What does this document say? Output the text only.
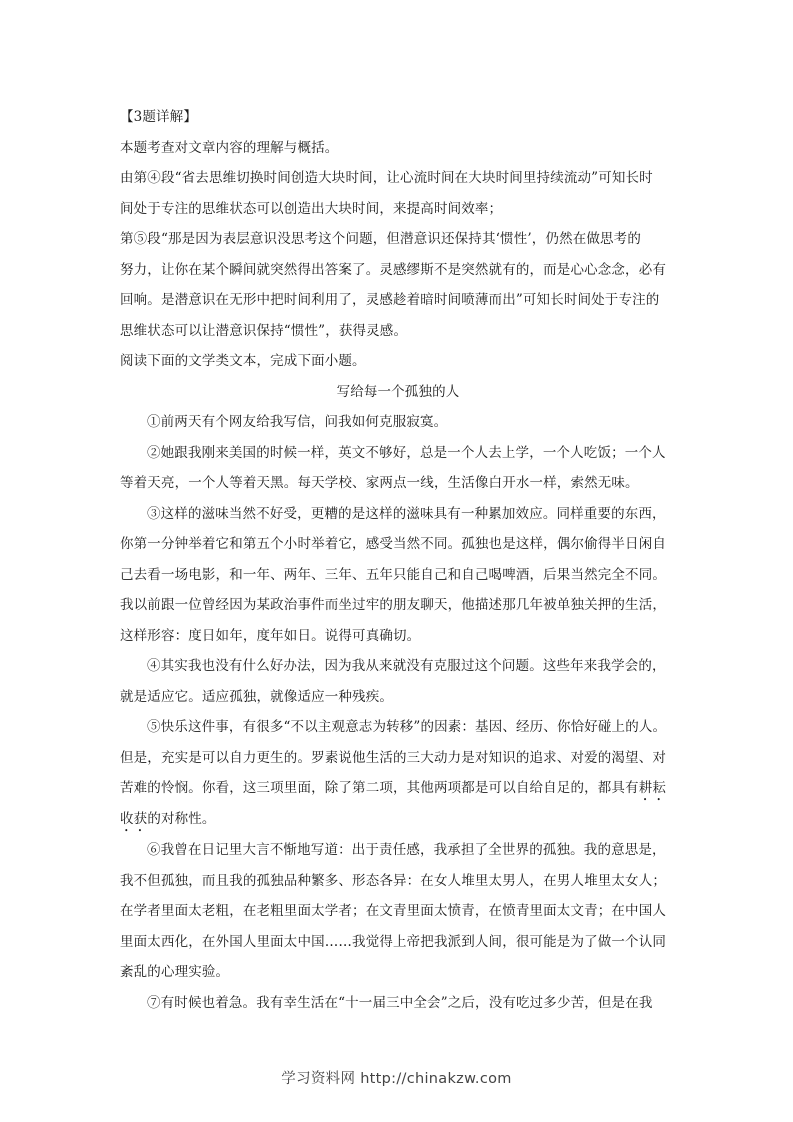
【3题详解】
本题考查对文章内容的理解与概括。
由第④段“省去思维切换时间创造大块时间，让心流时间在大块时间里持续流动”可知长时
间处于专注的思维状态可以创造出大块时间，来提高时间效率；
第⑤段“那是因为表层意识没思考这个问题，但潜意识还保持其‘惯性’，仍然在做思考的
努力，让你在某个瞬间就突然得出答案了。灵感缪斯不是突然就有的，而是心心念念，必有
回响。是潜意识在无形中把时间利用了，灵感趁着暗时间喷薄而出”可知长时间处于专注的
思维状态可以让潜意识保持“惯性”，获得灵感。
阅读下面的文学类文本，完成下面小题。
写给每一个孤独的人
①前两天有个网友给我写信，问我如何克服寂寞。
②她跟我刚来美国的时候一样，英文不够好，总是一个人去上学，一个人吃饭；一个人
等着天亮，一个人等着天黑。每天学校、家两点一线，生活像白开水一样，索然无味。
③这样的滋味当然不好受，更糟的是这样的滋味具有一种累加效应。同样重要的东西，
你第一分钟举着它和第五个小时举着它，感受当然不同。孤独也是这样，偶尔偷得半日闲自
己去看一场电影，和一年、两年、三年、五年只能自己和自己喝啤酒，后果当然完全不同。
我以前跟一位曾经因为某政治事件而坐过牢的朋友聊天，他描述那几年被单独关押的生活，
这样形容：度日如年，度年如日。说得可真确切。
④其实我也没有什么好办法，因为我从来就没有克服过这个问题。这些年来我学会的，
就是适应它。适应孤独，就像适应一种残疾。
⑤快乐这件事，有很多“不以主观意志为转移”的因素：基因、经历、你恰好碰上的人。
但是，充实是可以自力更生的。罗素说他生活的三大动力是对知识的追求、对爱的渴望、对
苦难的怜悯。你看，这三项里面，除了第二项，其他两项都是可以自给自足的，都具有耕耘
收获的对称性。
⑥我曾在日记里大言不惭地写道：出于责任感，我承担了全世界的孤独。我的意思是，
我不但孤独，而且我的孤独品种繁多、形态各异：在女人堆里太男人，在男人堆里太女人；
在学者里面太老粗，在老粗里面太学者；在文青里面太愤青，在愤青里面太文青；在中国人
里面太西化，在外国人里面太中国……我觉得上帝把我派到人间，很可能是为了做一个认同
紊乱的心理实验。
⑦有时候也着急。我有幸生活在“十一届三中全会”之后，没有吃过多少苦，但是在我
学习资料网 http://chinakzw.com
